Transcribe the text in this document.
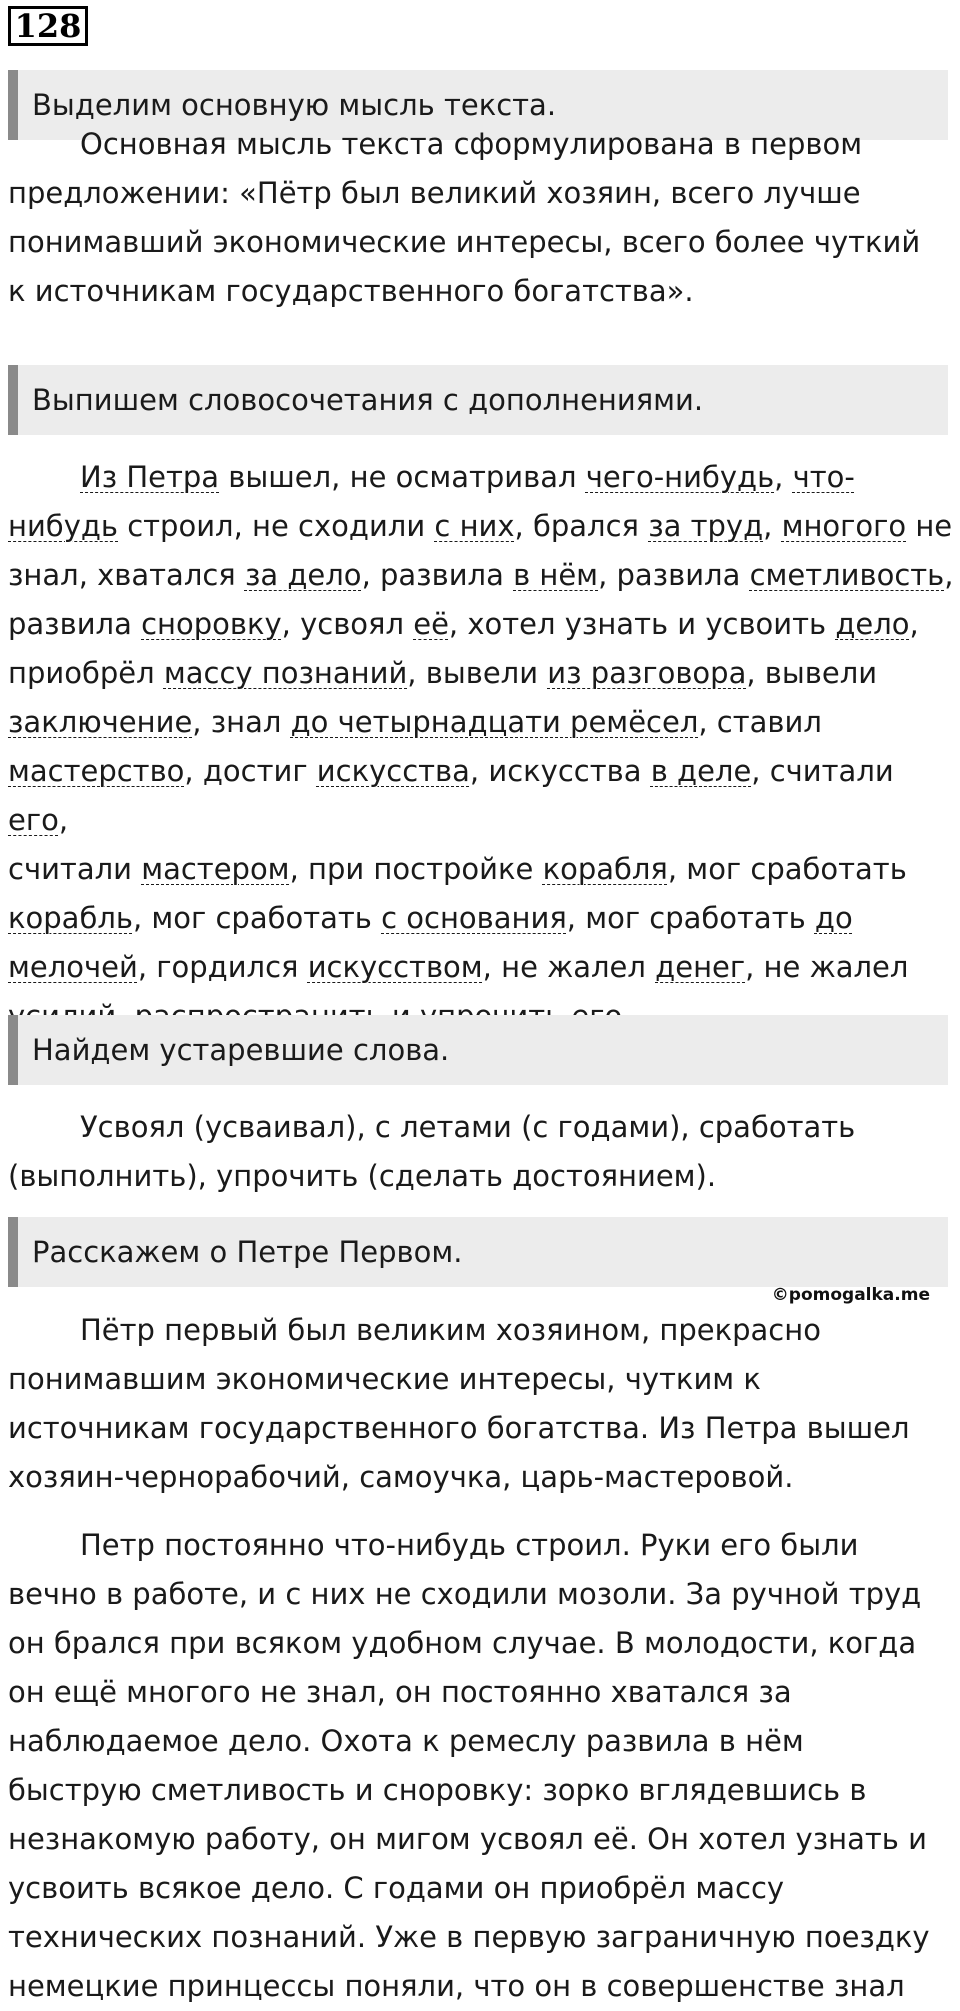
128
Выделим основную мысль текста.

Основная мысль текста сформулирована в первом
предложении: «Пётр был великий хозяин, всего лучше
понимавший экономические интересы, всего более чуткий
к источникам государственного богатства».

Выпишем словосочетания с дополнениями.

Из Петра вышел, не осматривал чего-нибудь, что-
нибудь строил, не сходили с них, брался за труд, многого не
знал, хватался за дело, развила в нём, развила сметливость,
развила сноровку, усвоял её, хотел узнать и усвоить дело,
приобрёл массу познаний, вывели из разговора, вывели
заключение, знал до четырнадцати ремёсел, ставил
мастерство, достиг искусства, искусства в деле, считали его,
считали мастером, при постройке корабля, мог сработать
корабль, мог сработать с основания, мог сработать до
мелочей, гордился искусством, не жалел денег, не жалел

Найдем устаревшие слова.

Усвоял (усваивал), с летами (с годами), сработать
(выполнить), упрочить (сделать достоянием).

Расскажем о Петре Первом.
©pomogalka.me

Пётр первый был великим хозяином, прекрасно
понимавшим экономические интересы, чутким к
источникам государственного богатства. Из Петра вышел
хозяин-чернорабочий, самоучка, царь-мастеровой.

Петр постоянно что-нибудь строил. Руки его были
вечно в работе, и с них не сходили мозоли. За ручной труд
он брался при всяком удобном случае. В молодости, когда
он ещё многого не знал, он постоянно хватался за
наблюдаемое дело. Охота к ремеслу развила в нём
быструю сметливость и сноровку: зорко вглядевшись в
незнакомую работу, он мигом усвоял её. Он хотел узнать и
усвоить всякое дело. С годами он приобрёл массу
технических познаний. Уже в первую заграничную поездку
немецкие принцессы поняли, что он в совершенстве знал
